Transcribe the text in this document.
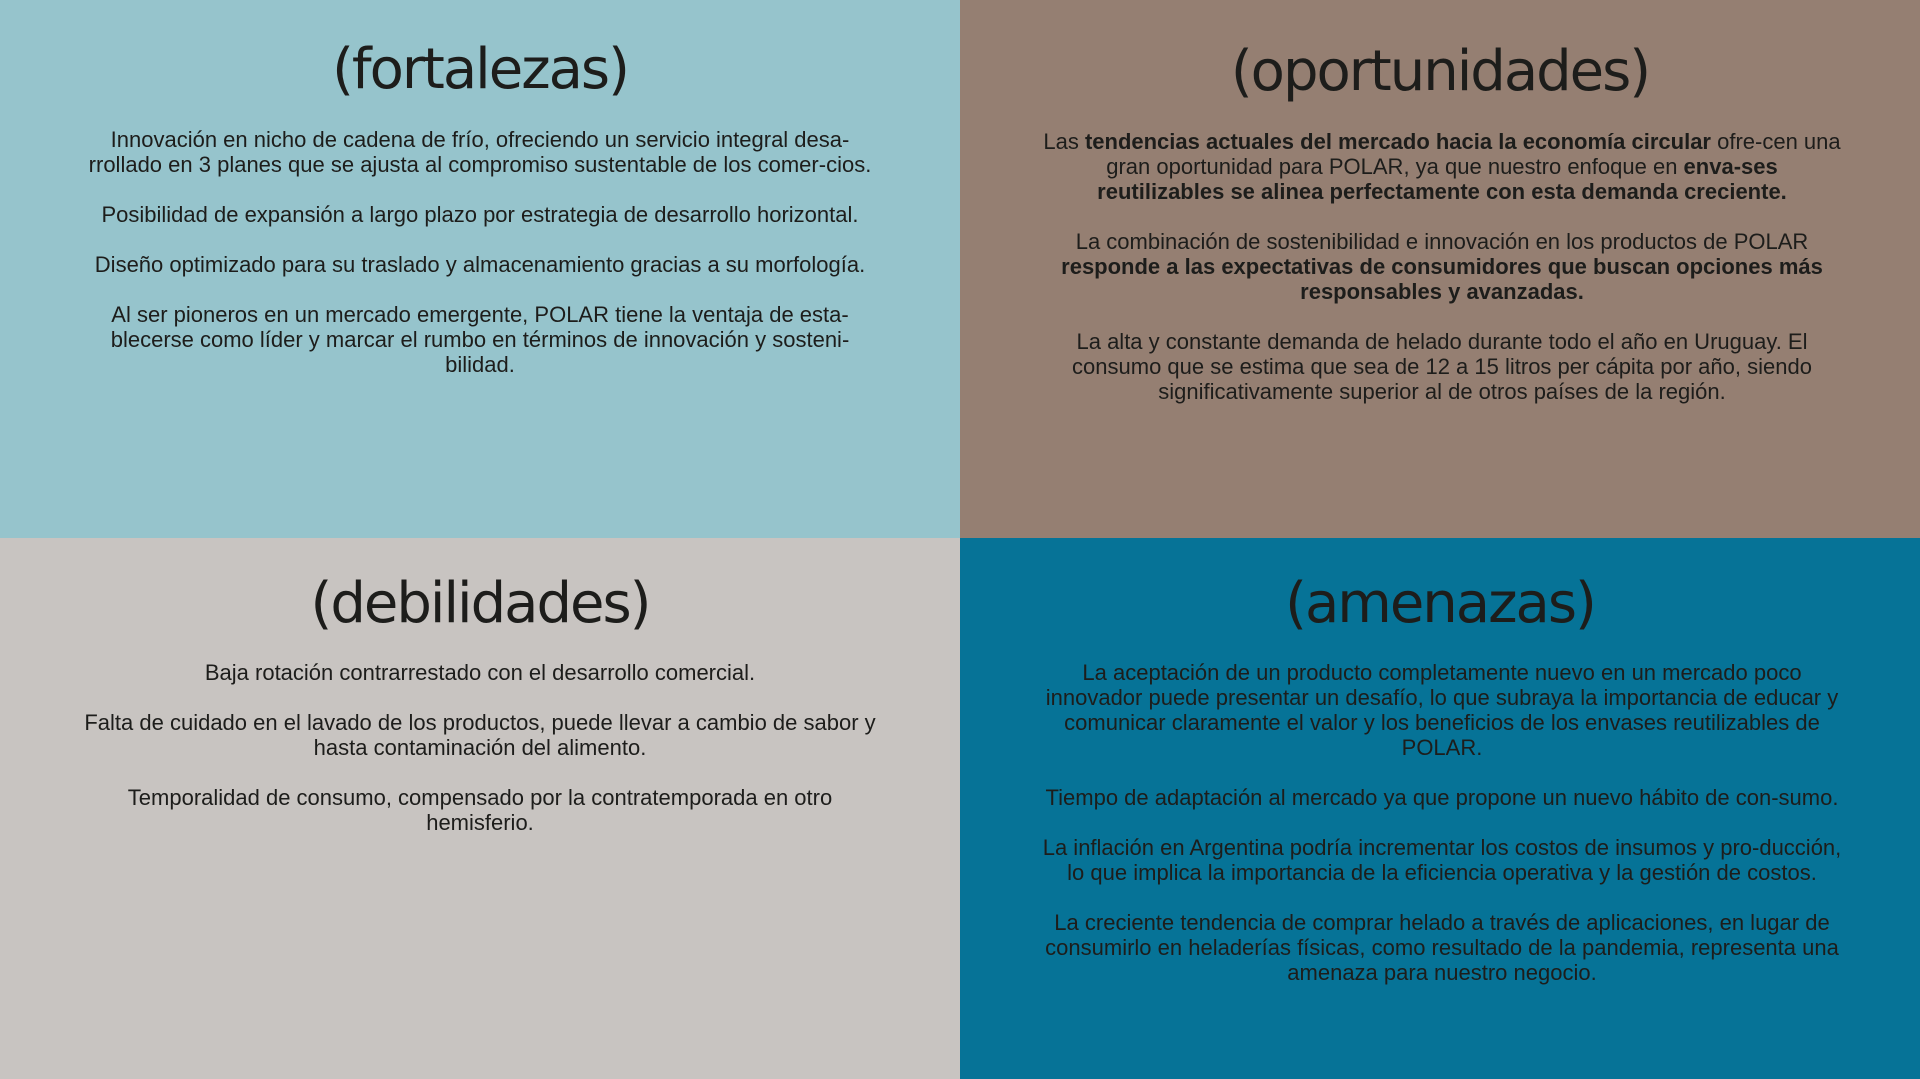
(fortalezas)

Innovación en nicho de cadena de frío, ofreciendo un servicio integral desa-rrollado en 3 planes que se ajusta al compromiso sustentable de los comer-cios.

Posibilidad de expansión a largo plazo por estrategia de desarrollo horizontal.

Diseño optimizado para su traslado y almacenamiento gracias a su morfología.

Al ser pioneros en un mercado emergente, POLAR tiene la ventaja de esta-blecerse como líder y marcar el rumbo en términos de innovación y sosteni-bilidad.

(oportunidades)

Las tendencias actuales del mercado hacia la economía circular ofre-cen una gran oportunidad para POLAR, ya que nuestro enfoque en enva-ses reutilizables se alinea perfectamente con esta demanda creciente.

La combinación de sostenibilidad e innovación en los productos de POLAR responde a las expectativas de consumidores que buscan opciones más responsables y avanzadas.

La alta y constante demanda de helado durante todo el año en Uruguay. El consumo que se estima que sea de 12 a 15 litros per cápita por año, siendo significativamente superior al de otros países de la región.

(debilidades)

Baja rotación contrarrestado con el desarrollo comercial.

Falta de cuidado en el lavado de los productos, puede llevar a cambio de sabor y hasta contaminación del alimento.

Temporalidad de consumo, compensado por la contratemporada en otro hemisferio.

(amenazas)

La aceptación de un producto completamente nuevo en un mercado poco innovador puede presentar un desafío, lo que subraya la importancia de educar y comunicar claramente el valor y los beneficios de los envases reutilizables de POLAR.

Tiempo de adaptación al mercado ya que propone un nuevo hábito de con-sumo.

La inflación en Argentina podría incrementar los costos de insumos y pro-ducción, lo que implica la importancia de la eficiencia operativa y la gestión de costos.

La creciente tendencia de comprar helado a través de aplicaciones, en lugar de consumirlo en heladerías físicas, como resultado de la pandemia, representa una amenaza para nuestro negocio.
